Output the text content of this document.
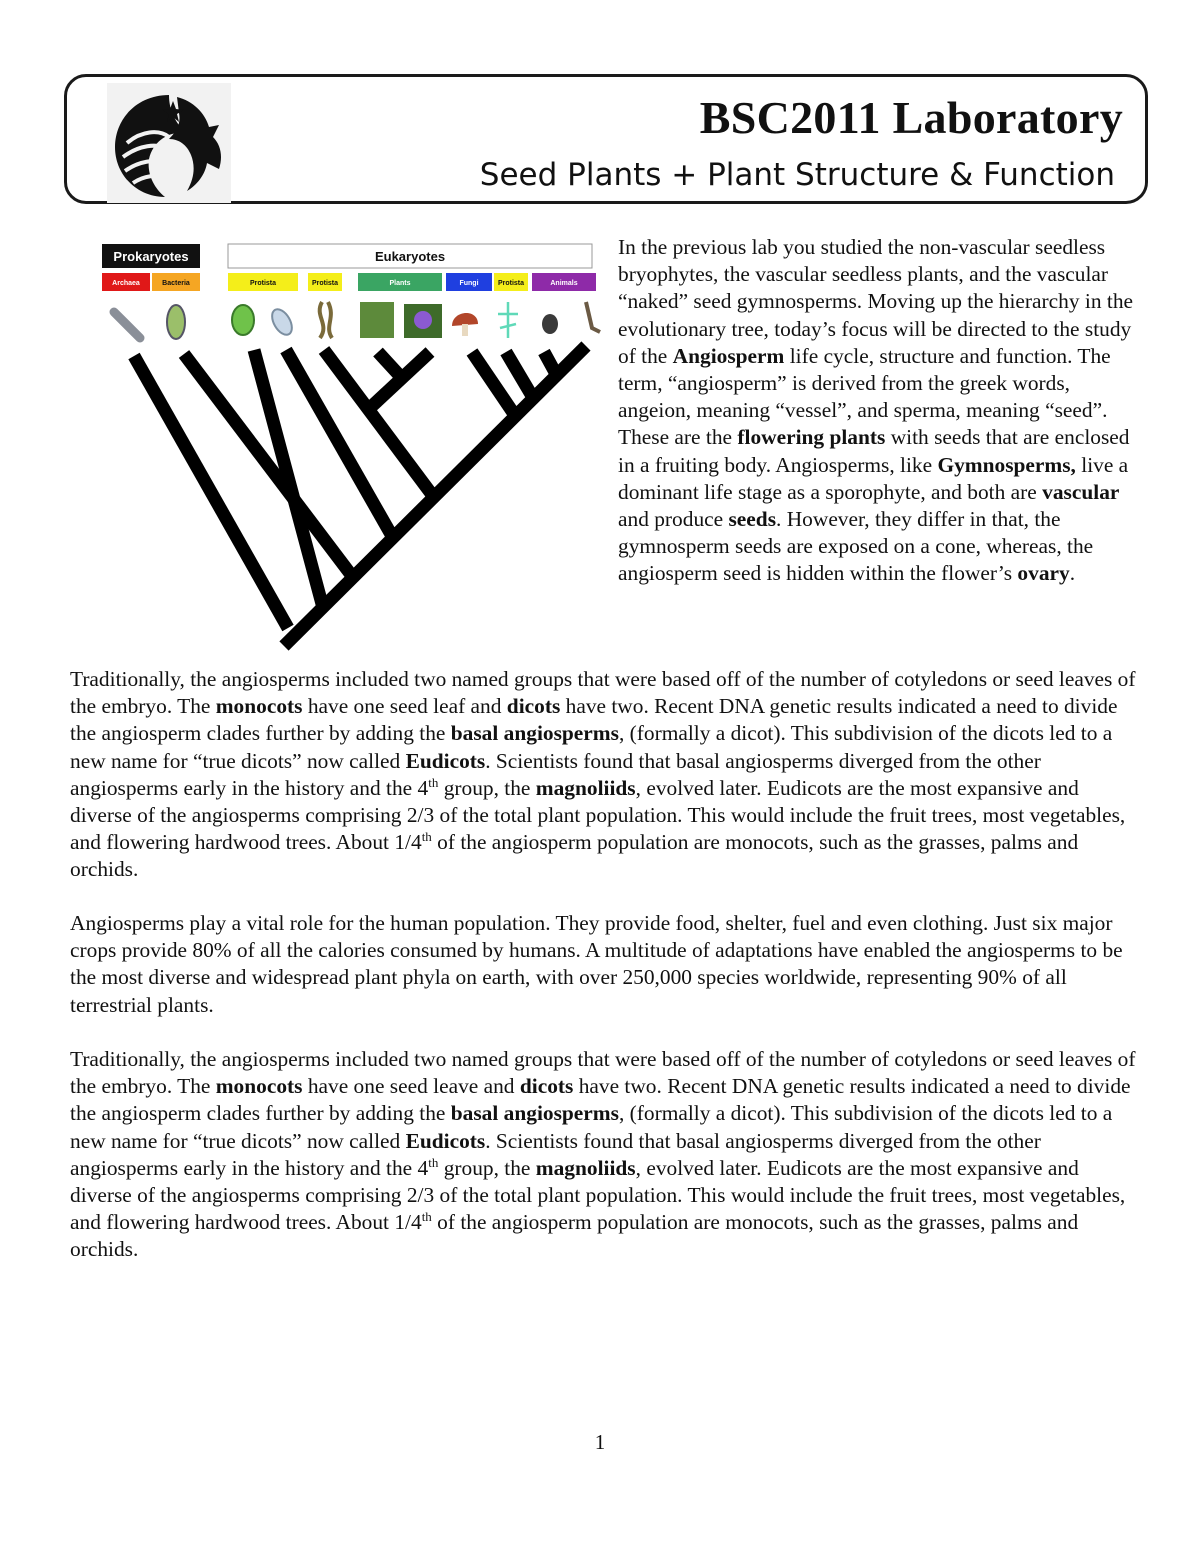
BSC2011 Laboratory
Seed Plants + Plant Structure & Function
Prokaryotes	Eukaryotes
Archaea	Bacteria	Protista	Protista	Plants	Fungi	Protista	Animals
In the previous lab you studied the non-vascular seedless bryophytes, the vascular seedless plants, and the vascular “naked” seed gymnosperms. Moving up the hierarchy in the evolutionary tree, today’s focus will be directed to the study of the Angiosperm life cycle, structure and function. The term, “angiosperm” is derived from the greek words, angeion, meaning “vessel”, and sperma, meaning “seed”. These are the flowering plants with seeds that are enclosed in a fruiting body. Angiosperms, like Gymnosperms, live a dominant life stage as a sporophyte, and both are vascular and produce seeds. However, they differ in that, the gymnosperm seeds are exposed on a cone, whereas, the angiosperm seed is hidden within the flower’s ovary.

Traditionally, the angiosperms included two named groups that were based off of the number of cotyledons or seed leaves of the embryo. The monocots have one seed leaf and dicots have two. Recent DNA genetic results indicated a need to divide the angiosperm clades further by adding the basal angiosperms, (formally a dicot). This subdivision of the dicots led to a new name for “true dicots” now called Eudicots. Scientists found that basal angiosperms diverged from the other angiosperms early in the history and the 4th group, the magnoliids, evolved later. Eudicots are the most expansive and diverse of the angiosperms comprising 2/3 of the total plant population. This would include the fruit trees, most vegetables, and flowering hardwood trees. About 1/4th of the angiosperm population are monocots, such as the grasses, palms and orchids.

Angiosperms play a vital role for the human population. They provide food, shelter, fuel and even clothing. Just six major crops provide 80% of all the calories consumed by humans. A multitude of adaptations have enabled the angiosperms to be the most diverse and widespread plant phyla on earth, with over 250,000 species worldwide, representing 90% of all terrestrial plants.

Traditionally, the angiosperms included two named groups that were based off of the number of cotyledons or seed leaves of the embryo. The monocots have one seed leave and dicots have two. Recent DNA genetic results indicated a need to divide the angiosperm clades further by adding the basal angiosperms, (formally a dicot). This subdivision of the dicots led to a new name for “true dicots” now called Eudicots. Scientists found that basal angiosperms diverged from the other angiosperms early in the history and the 4th group, the magnoliids, evolved later. Eudicots are the most expansive and diverse of the angiosperms comprising 2/3 of the total plant population. This would include the fruit trees, most vegetables, and flowering hardwood trees. About 1/4th of the angiosperm population are monocots, such as the grasses, palms and orchids.

1
